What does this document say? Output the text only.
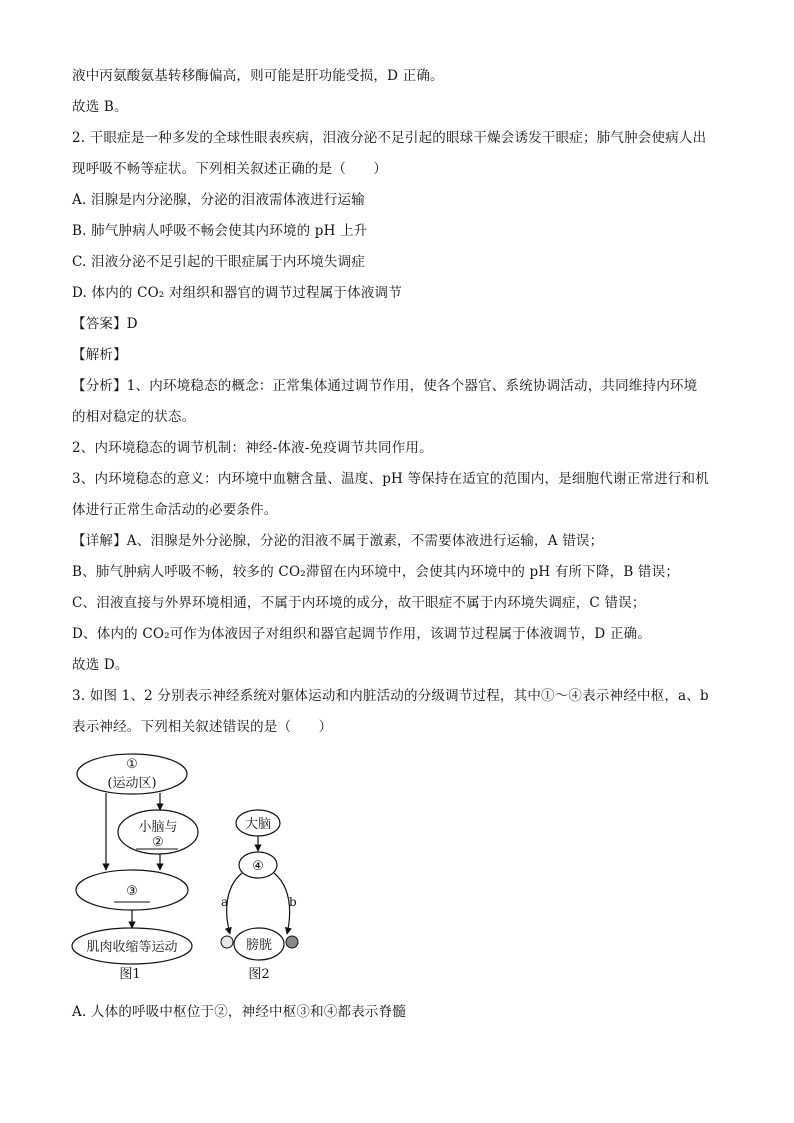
液中丙氨酸氨基转移酶偏高，则可能是肝功能受损，D 正确。
故选 B。
2. 干眼症是一种多发的全球性眼表疾病，泪液分泌不足引起的眼球干燥会诱发干眼症；肺气肿会使病人出
现呼吸不畅等症状。下列相关叙述正确的是（　　）
A. 泪腺是内分泌腺，分泌的泪液需体液进行运输
B. 肺气肿病人呼吸不畅会使其内环境的 pH 上升
C. 泪液分泌不足引起的干眼症属于内环境失调症
D. 体内的 CO₂ 对组织和器官的调节过程属于体液调节
【答案】D
【解析】
【分析】1、内环境稳态的概念：正常集体通过调节作用，使各个器官、系统协调活动，共同维持内环境
的相对稳定的状态。
2、内环境稳态的调节机制：神经-体液-免疫调节共同作用。
3、内环境稳态的意义：内环境中血糖含量、温度、pH 等保持在适宜的范围内，是细胞代谢正常进行和机
体进行正常生命活动的必要条件。
【详解】A、泪腺是外分泌腺，分泌的泪液不属于激素，不需要体液进行运输，A 错误；
B、肺气肿病人呼吸不畅，较多的 CO₂滞留在内环境中，会使其内环境中的 pH 有所下降，B 错误；
C、泪液直接与外界环境相通，不属于内环境的成分，故干眼症不属于内环境失调症，C 错误；
D、体内的 CO₂可作为体液因子对组织和器官起调节作用，该调节过程属于体液调节，D 正确。
故选 D。
3. 如图 1、2 分别表示神经系统对躯体运动和内脏活动的分级调节过程，其中①～④表示神经中枢，a、b
表示神经。下列相关叙述错误的是（　　）
①
(运动区)
小脑与
②
③
肌肉收缩等运动
图1
大脑
④
a	b
膀胱
图2
A. 人体的呼吸中枢位于②，神经中枢③和④都表示脊髓
